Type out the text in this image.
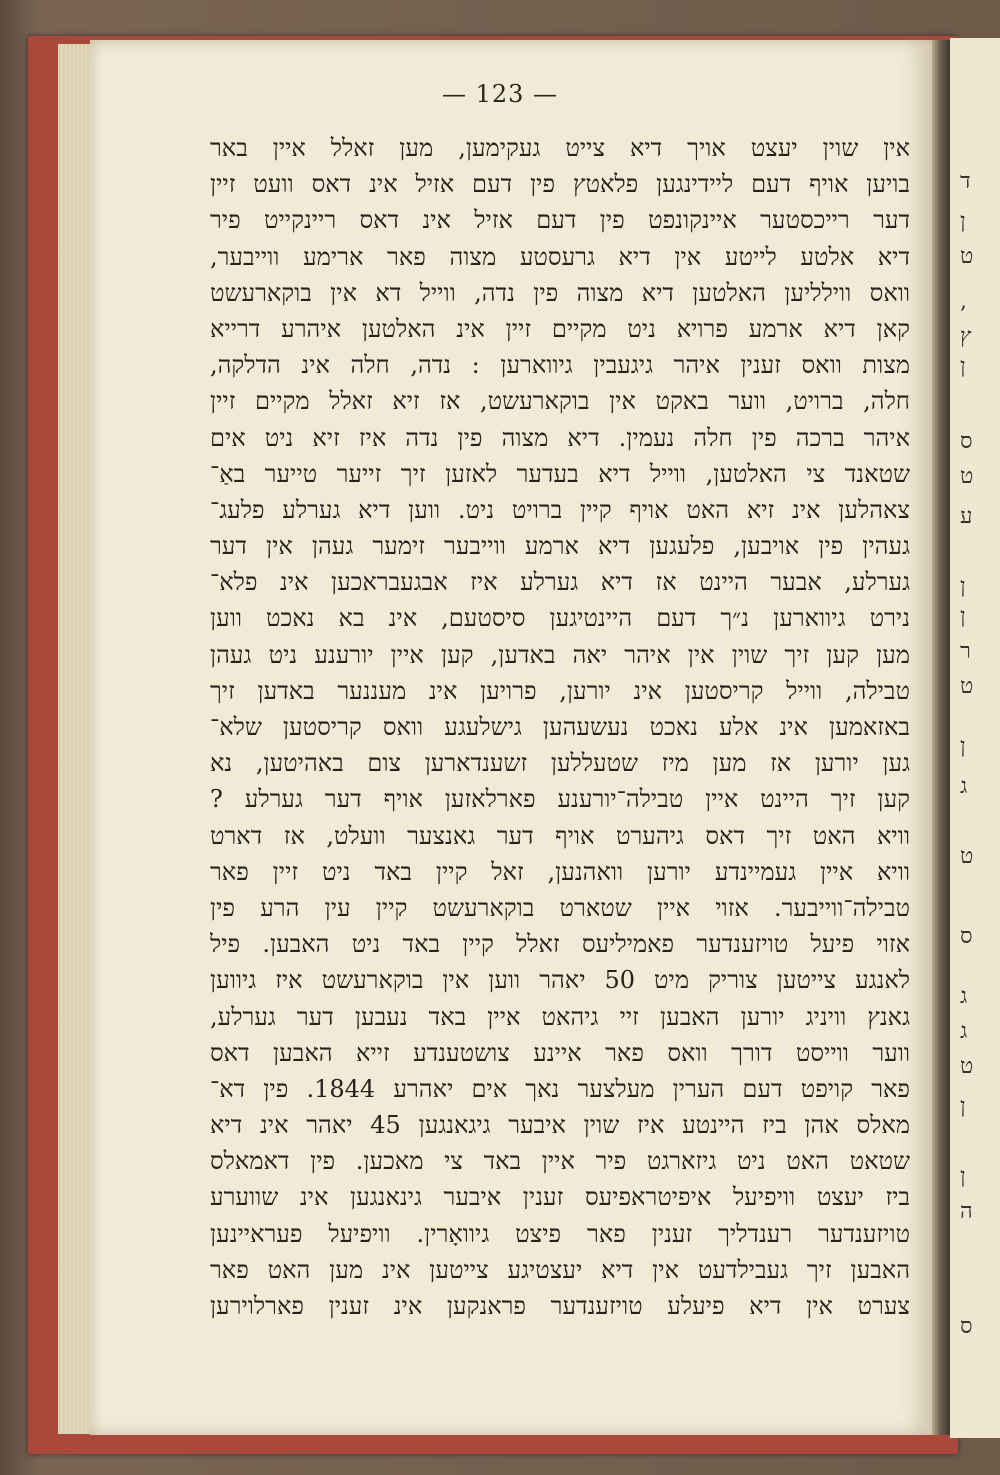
ד
ן
ט
,
ץ
ן
ס
ט
ע
ן
ן
ר
ט
ן
ג
ט
ס
ג
ג
ט
ן
ן
ה
ס
— 123 —
אין שוין יעצט אויך דיא צייט געקימען, מען זאלל איין באר
בויען אויף דעם ליידינגען פלאטץ פין דעם אזיל אינ דאס וועט זיין
דער רייכסטער איינקונפט פין דעם אזיל אינ דאס ריינקייט פיר
דיא אלטע לייטע אין דיא גרעסטע מצוה פאר ארימע ווייבער,
וואס ווילליען האלטען דיא מצוה פין נדה, ווייל דא אין בוקארעשט
קאן דיא ארמע פרויא ניט מקיים זיין אינ האלטען איהרע דרייא
מצות וואס זענין איהר גיגעבין גיווארען : נדה, חלה אינ הדלקה,
חלה, ברויט, ווער באקט אין בוקארעשט, אז זיא זאלל מקיים זיין
איהר ברכה פין חלה נעמין. דיא מצוה פין נדה איז זיא ניט אים
שטאנד צי האלטען, ווייל דיא בעדער לאזען זיך זייער טייער באַ־
צאהלען אינ זיא האט אויף קיין ברויט ניט. ווען דיא גערלע פלעג־
געהין פין אויבען, פלעגען דיא ארמע ווייבער זימער געהן אין דער
גערלע, אבער היינט אז דיא גערלע איז אבגעבראכען אינ פלא־
נירט גיווארען נ״ך דעם היינטיגען סיסטעם, אינ בא נאכט ווען
מען קען זיך שוין אין איהר יאה באדען, קען איין יורענע ניט געהן
טבילה, ווייל קריסטען אינ יורען, פרויען אינ מעננער באדען זיך
באזאמען אינ אלע נאכט נעשעהען גישלעגע וואס קריסטען שלא־
גען יורען אז מען מיז שטעללען זשענדארען צום באהיטען, נא
קען זיך היינט איין טבילה־יורענע פארלאזען אויף דער גערלע ?
וויא האט זיך דאס גיהערט אויף דער גאנצער וועלט, אז דארט
וויא איין געמיינדע יורען וואהנען, זאל קיין באד ניט זיין פאר
טבילה־ווייבער. אזוי איין שטארט בוקארעשט קיין עין הרע פין
אזוי פיעל טויזענדער פאמיליעס זאלל קיין באד ניט האבען. פיל
לאנגע צייטען צוריק מיט 50 יאהר ווען אין בוקארעשט איז גיווען
גאנץ וויניג יורען האבען זיי גיהאט איין באד נעבען דער גערלע,
ווער ווייסט דורך וואס פאר איינע צושטענדע זייא האבען דאס
פאר קויפט דעם הערין מעלצער נאך אים יאהרע 1844. פין דא־
מאלס אהן ביז היינטע איז שוין איבער גיגאנגען 45 יאהר אינ דיא
שטאט האט ניט גיזארגט פיר איין באד צי מאכען. פין דאמאלס
ביז יעצט וויפיעל איפיטראפיעס זענין איבער גינאנגען אינ שווערע
טויזענדער רענדליך זענין פאר פיצט גיוואָרין. וויפיעל פעראיינען
האבען זיך געבילדעט אין דיא יעצטיגע צייטען אינ מען האט פאר
צערט אין דיא פיעלע טויזענדער פראנקען אינ זענין פארלוירען
